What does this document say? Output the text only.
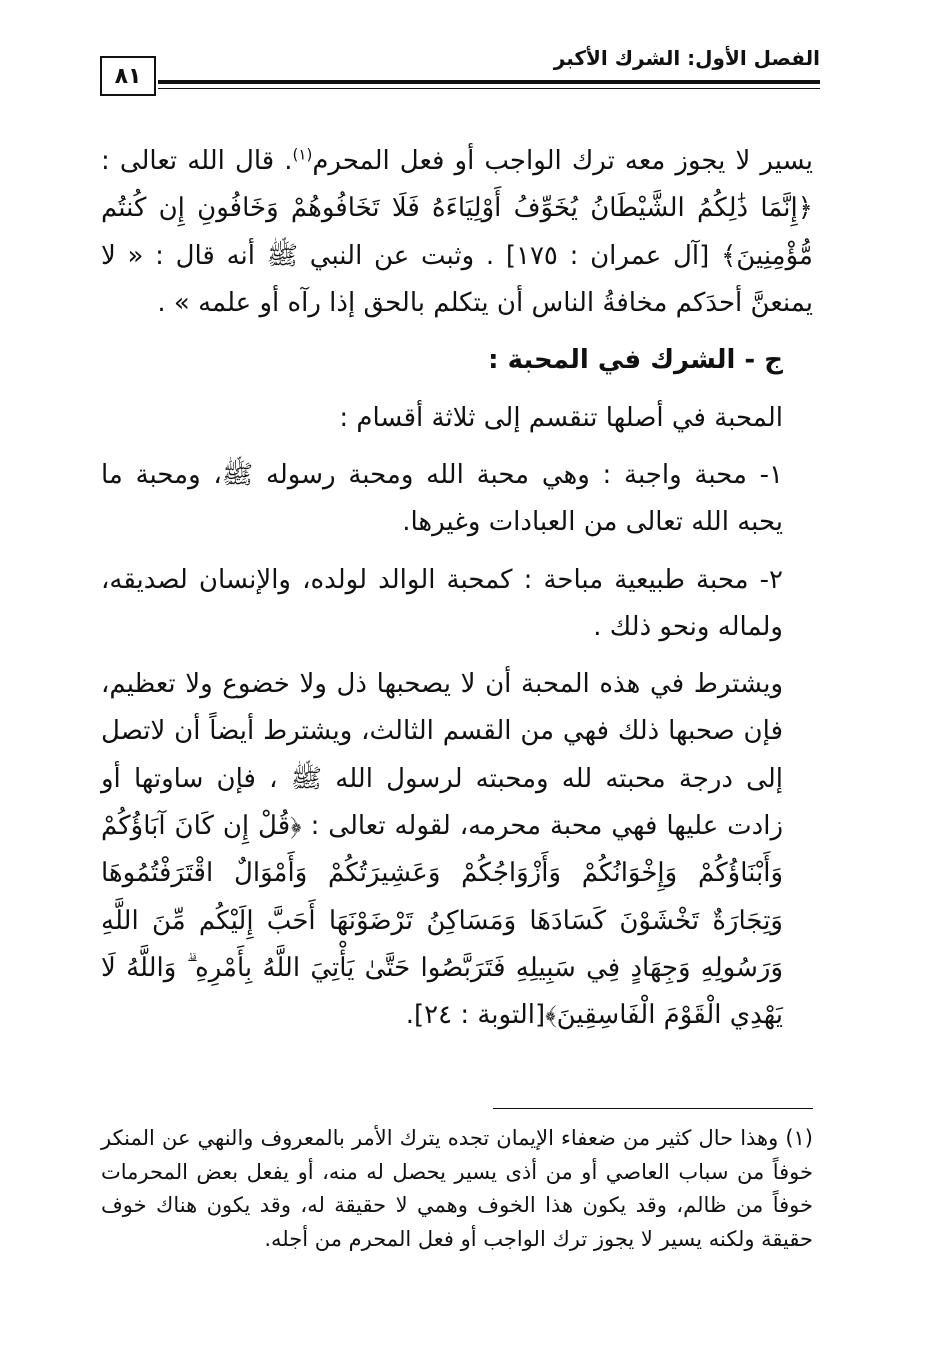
الفصل الأول: الشرك الأكبر
٨١

يسير لا يجوز معه ترك الواجب أو فعل المحرم$^{(١)}$. قال الله تعالى : ﴿إِنَّمَا ذَٰلِكُمُ الشَّيْطَانُ يُخَوِّفُ أَوْلِيَاءَهُ فَلَا تَخَافُوهُمْ وَخَافُونِ إِن كُنتُم مُّؤْمِنِينَ﴾ [آل عمران : ١٧٥] . وثبت عن النبي ﷺ أنه قال : « لا يمنعنَّ أحدَكم مخافةُ الناس أن يتكلم بالحق إذا رآه أو علمه » .

ج - الشرك في المحبة :

المحبة في أصلها تنقسم إلى ثلاثة أقسام :

١- محبة واجبة : وهي محبة الله ومحبة رسوله ﷺ، ومحبة ما يحبه الله تعالى من العبادات وغيرها.

٢- محبة طبيعية مباحة : كمحبة الوالد لولده، والإنسان لصديقه، ولماله ونحو ذلك .

ويشترط في هذه المحبة أن لا يصحبها ذل ولا خضوع ولا تعظيم، فإن صحبها ذلك فهي من القسم الثالث، ويشترط أيضاً أن لاتصل إلى درجة محبته لله ومحبته لرسول الله ﷺ ، فإن ساوتها أو زادت عليها فهي محبة محرمه، لقوله تعالى : ﴿قُلْ إِن كَانَ آبَاؤُكُمْ وَأَبْنَاؤُكُمْ وَإِخْوَانُكُمْ وَأَزْوَاجُكُمْ وَعَشِيرَتُكُمْ وَأَمْوَالٌ اقْتَرَفْتُمُوهَا وَتِجَارَةٌ تَخْشَوْنَ كَسَادَهَا وَمَسَاكِنُ تَرْضَوْنَهَا أَحَبَّ إِلَيْكُم مِّنَ اللَّهِ وَرَسُولِهِ وَجِهَادٍ فِي سَبِيلِهِ فَتَرَبَّصُوا حَتَّىٰ يَأْتِيَ اللَّهُ بِأَمْرِهِ ۗ وَاللَّهُ لَا يَهْدِي الْقَوْمَ الْفَاسِقِينَ﴾[التوبة : ٢٤].

(١) وهذا حال كثير من ضعفاء الإيمان تجده يترك الأمر بالمعروف والنهي عن المنكر خوفاً من سباب العاصي أو من أذى يسير يحصل له منه، أو يفعل بعض المحرمات خوفاً من ظالم، وقد يكون هذا الخوف وهمي لا حقيقة له، وقد يكون هناك خوف حقيقة ولكنه يسير لا يجوز ترك الواجب أو فعل المحرم من أجله.
